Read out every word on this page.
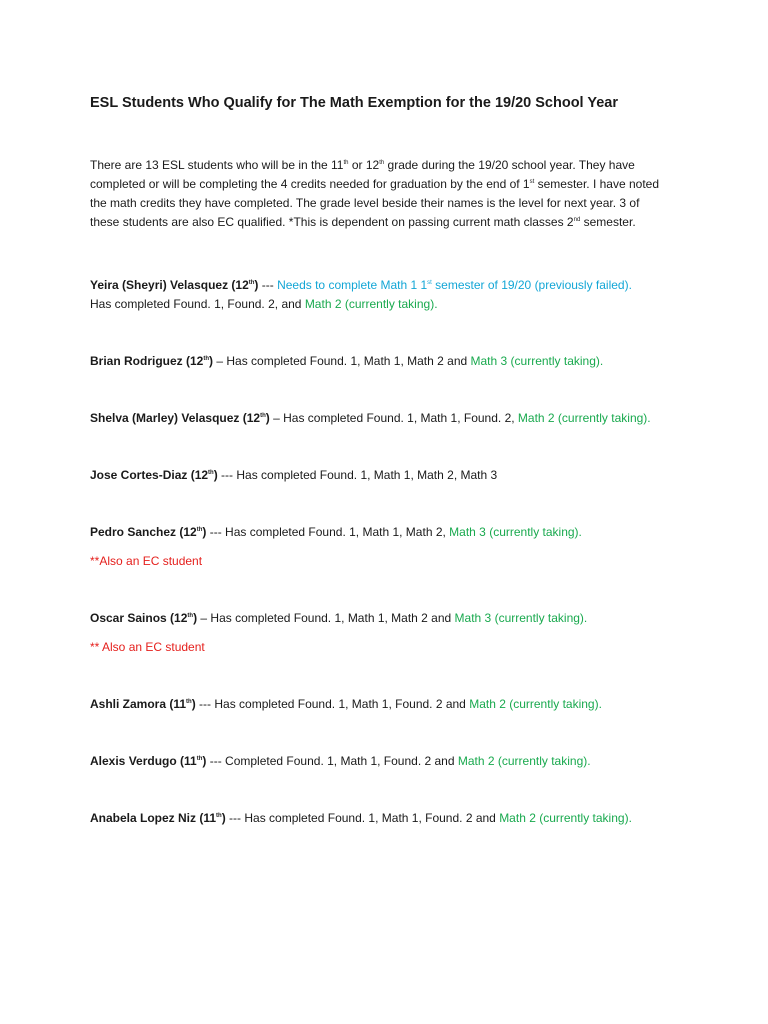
ESL Students Who Qualify for The Math Exemption for the 19/20 School Year

There are 13 ESL students who will be in the 11th or 12th grade during the 19/20 school year. They have completed or will be completing the 4 credits needed for graduation by the end of 1st semester. I have noted the math credits they have completed. The grade level beside their names is the level for next year. 3 of these students are also EC qualified. *This is dependent on passing current math classes 2nd semester.

Yeira (Sheyri) Velasquez (12th) --- Needs to complete Math 1 1st semester of 19/20 (previously failed).
Has completed Found. 1, Found. 2, and Math 2 (currently taking).
Brian Rodriguez (12th) – Has completed Found. 1, Math 1, Math 2 and Math 3 (currently taking).
Shelva (Marley) Velasquez (12th) – Has completed Found. 1, Math 1, Found. 2, Math 2 (currently taking).
Jose Cortes-Diaz (12th) --- Has completed Found. 1, Math 1, Math 2, Math 3
Pedro Sanchez (12th) --- Has completed Found. 1, Math 1, Math 2, Math 3 (currently taking).
**Also an EC student
Oscar Sainos (12th) – Has completed Found. 1, Math 1, Math 2 and Math 3 (currently taking).
** Also an EC student
Ashli Zamora (11th) --- Has completed Found. 1, Math 1, Found. 2 and Math 2 (currently taking).
Alexis Verdugo (11th) --- Completed Found. 1, Math 1, Found. 2 and Math 2 (currently taking).
Anabela Lopez Niz (11th) --- Has completed Found. 1, Math 1, Found. 2 and Math 2 (currently taking).
